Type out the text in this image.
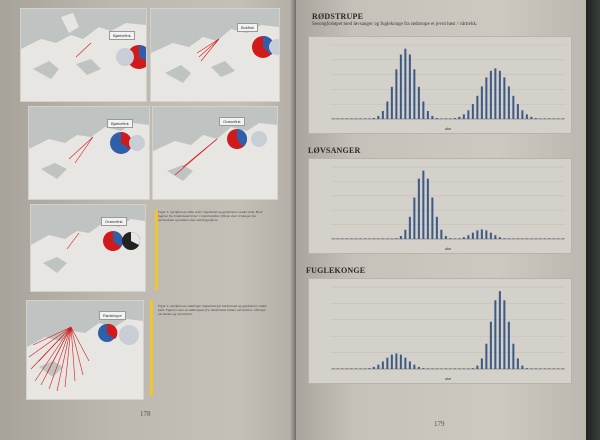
Bjørkefink
Bokfink
Bjørkefink	Grønnfink
Grønnfink
Figur 3. Gjenfunn av ulike arter ringmerket og gjenfunnet i andre land. Hvor fuglene fra Jomfruland reiser i vinterhalvåret. Pilene viser retningen fra merkestedet og tallene viser antall gjenfunn.
Rødstrupe
Figur 4. Gjenfunn av rødstrupe ringmerket på Jomfruland og gjenfunnet i andre land. Figuren viser at rødstrupene fra Jomfruland trekker sørvestover i Europa om høsten og overvintrer.
178
RØDSTRUPE
Sesongforløpet med løvsanger og fuglekonge fra rødstrupe et jevnt høst / vårtrekk.
uke
LØVSANGER
uke
FUGLEKONGE
uke
179
